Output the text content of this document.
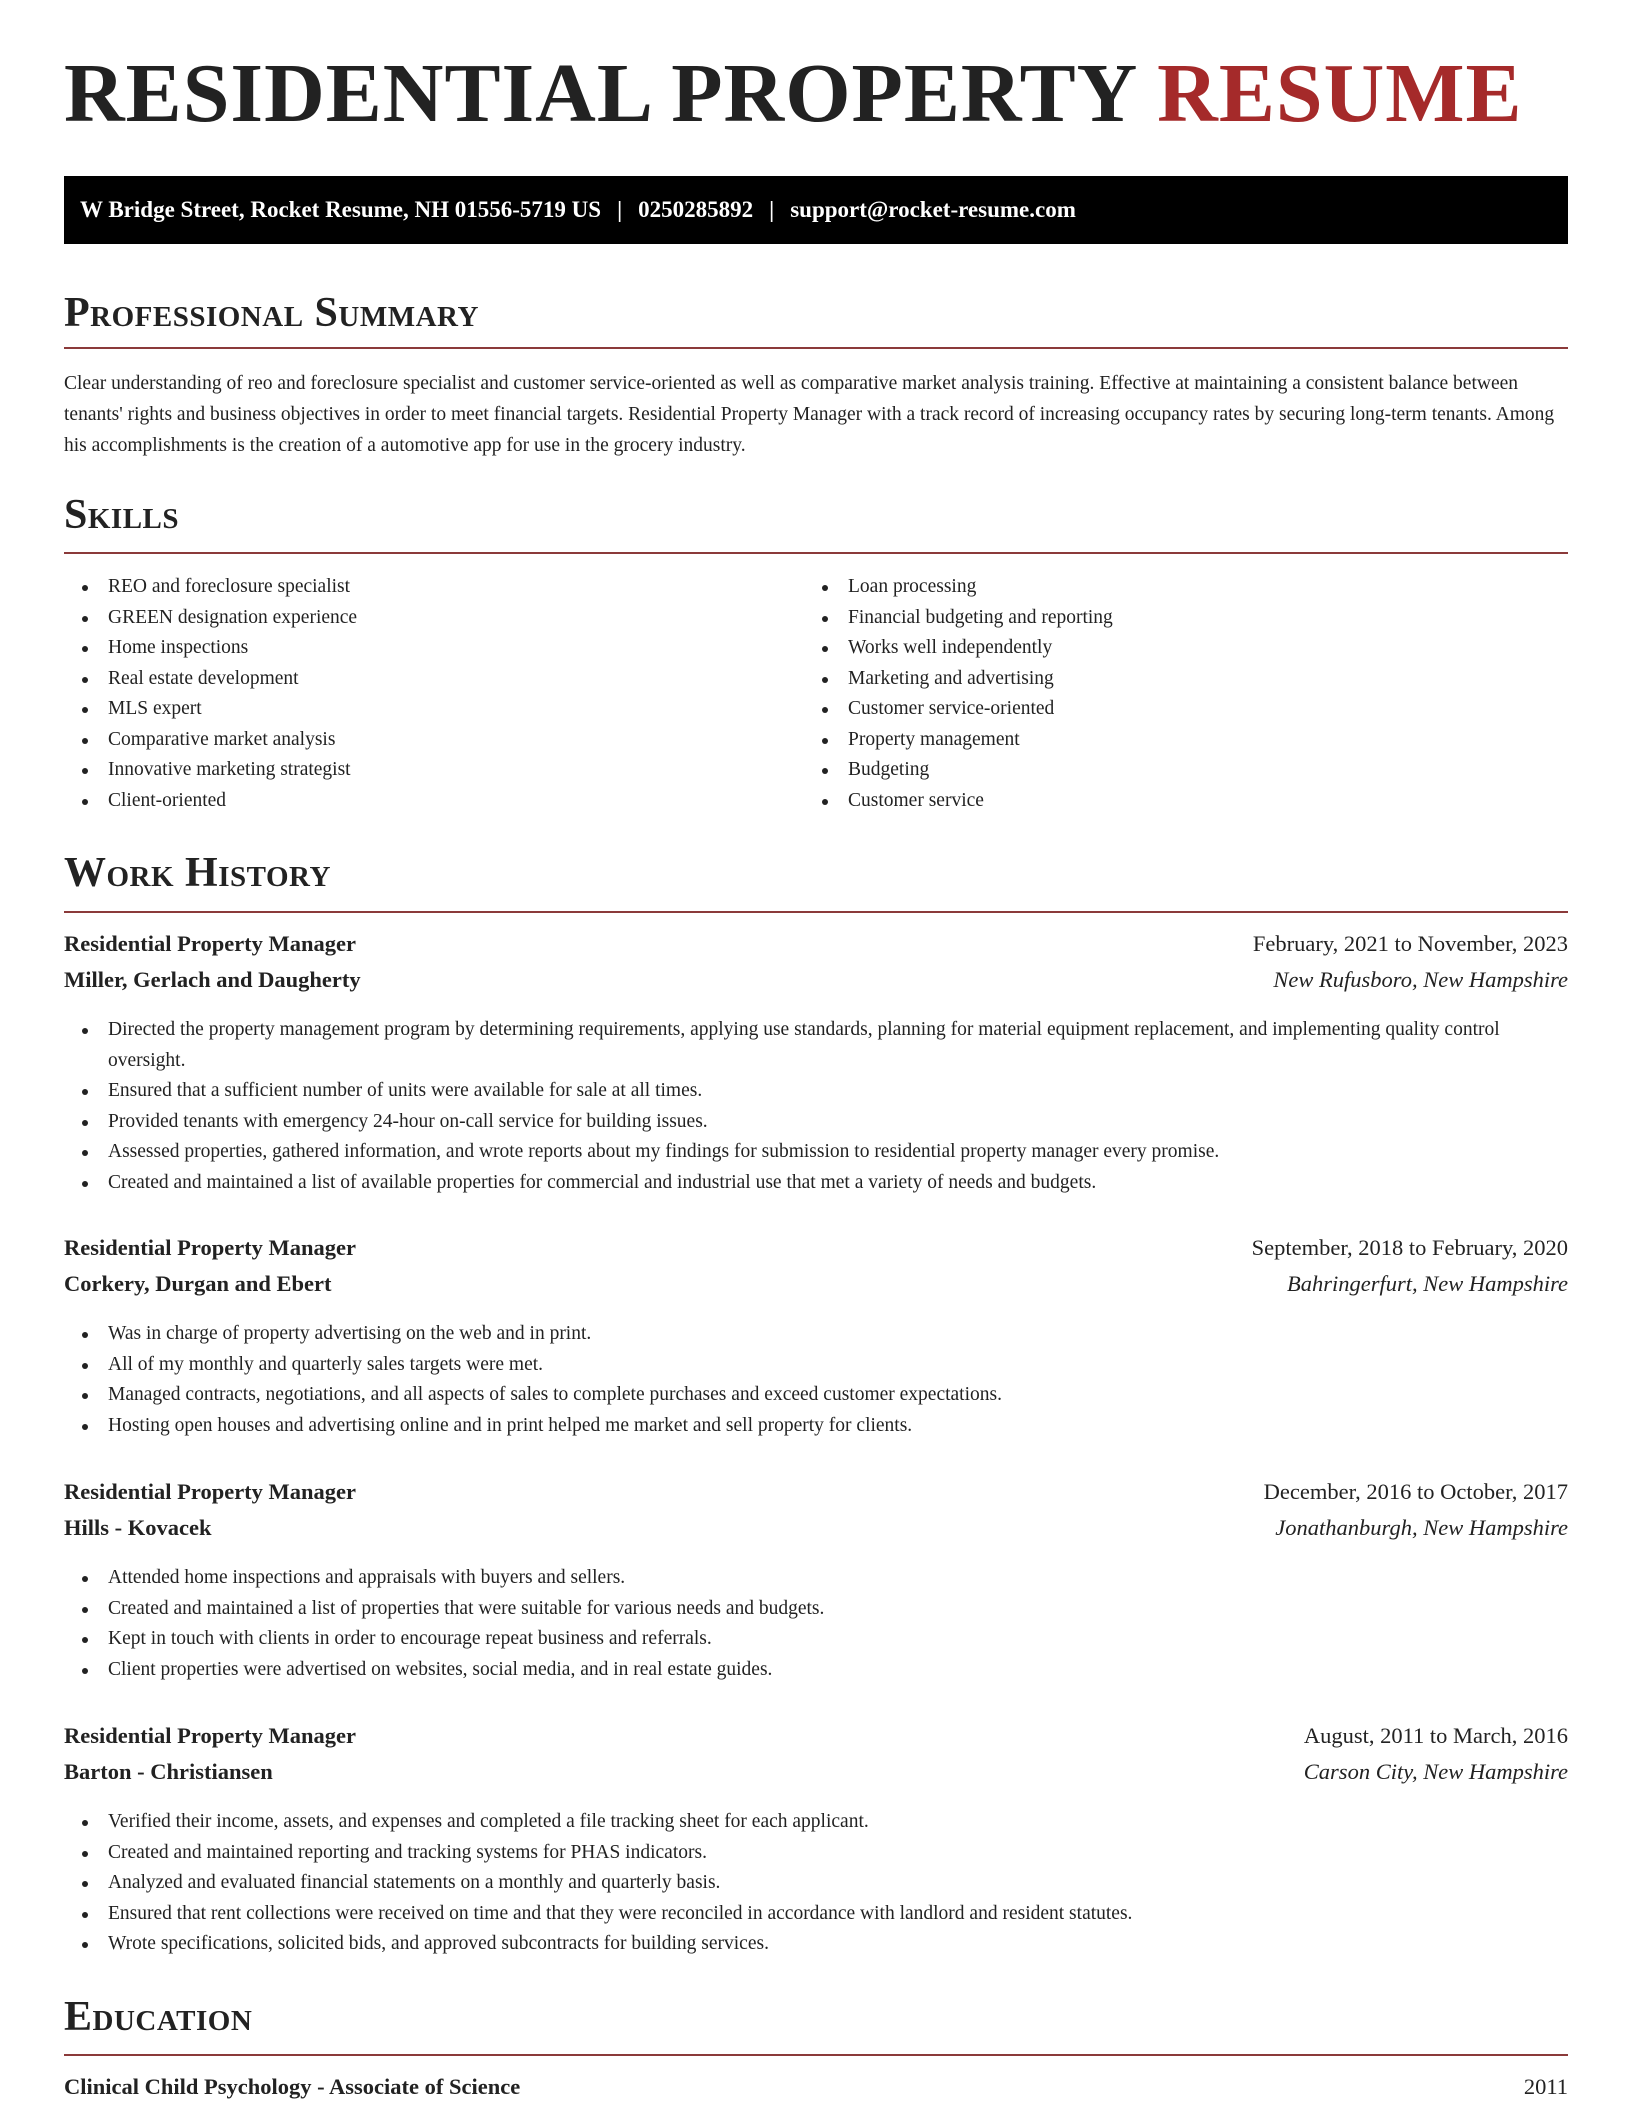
RESIDENTIAL PROPERTY RESUME
W Bridge Street, Rocket Resume, NH 01556-5719 US | 0250285892 | support@rocket-resume.com
Professional Summary

Clear understanding of reo and foreclosure specialist and customer service-oriented as well as comparative market analysis training. Effective at maintaining a consistent balance between tenants' rights and business objectives in order to meet financial targets. Residential Property Manager with a track record of increasing occupancy rates by securing long-term tenants. Among his accomplishments is the creation of a automotive app for use in the grocery industry.

Skills
REO and foreclosure specialist
GREEN designation experience
Home inspections
Real estate development
MLS expert
Comparative market analysis
Innovative marketing strategist
Client-oriented
Loan processing
Financial budgeting and reporting
Works well independently
Marketing and advertising
Customer service-oriented
Property management
Budgeting
Customer service
Work History
Residential Property Manager	February, 2021 to November, 2023
Miller, Gerlach and Daugherty	New Rufusboro, New Hampshire
Directed the property management program by determining requirements, applying use standards, planning for material equipment replacement, and implementing quality control oversight.
Ensured that a sufficient number of units were available for sale at all times.
Provided tenants with emergency 24-hour on-call service for building issues.
Assessed properties, gathered information, and wrote reports about my findings for submission to residential property manager every promise.
Created and maintained a list of available properties for commercial and industrial use that met a variety of needs and budgets.
Residential Property Manager	September, 2018 to February, 2020
Corkery, Durgan and Ebert	Bahringerfurt, New Hampshire
Was in charge of property advertising on the web and in print.
All of my monthly and quarterly sales targets were met.
Managed contracts, negotiations, and all aspects of sales to complete purchases and exceed customer expectations.
Hosting open houses and advertising online and in print helped me market and sell property for clients.
Residential Property Manager	December, 2016 to October, 2017
Hills - Kovacek	Jonathanburgh, New Hampshire
Attended home inspections and appraisals with buyers and sellers.
Created and maintained a list of properties that were suitable for various needs and budgets.
Kept in touch with clients in order to encourage repeat business and referrals.
Client properties were advertised on websites, social media, and in real estate guides.
Residential Property Manager	August, 2011 to March, 2016
Barton - Christiansen	Carson City, New Hampshire
Verified their income, assets, and expenses and completed a file tracking sheet for each applicant.
Created and maintained reporting and tracking systems for PHAS indicators.
Analyzed and evaluated financial statements on a monthly and quarterly basis.
Ensured that rent collections were received on time and that they were reconciled in accordance with landlord and resident statutes.
Wrote specifications, solicited bids, and approved subcontracts for building services.
Education
Clinical Child Psychology - Associate of Science	2011
